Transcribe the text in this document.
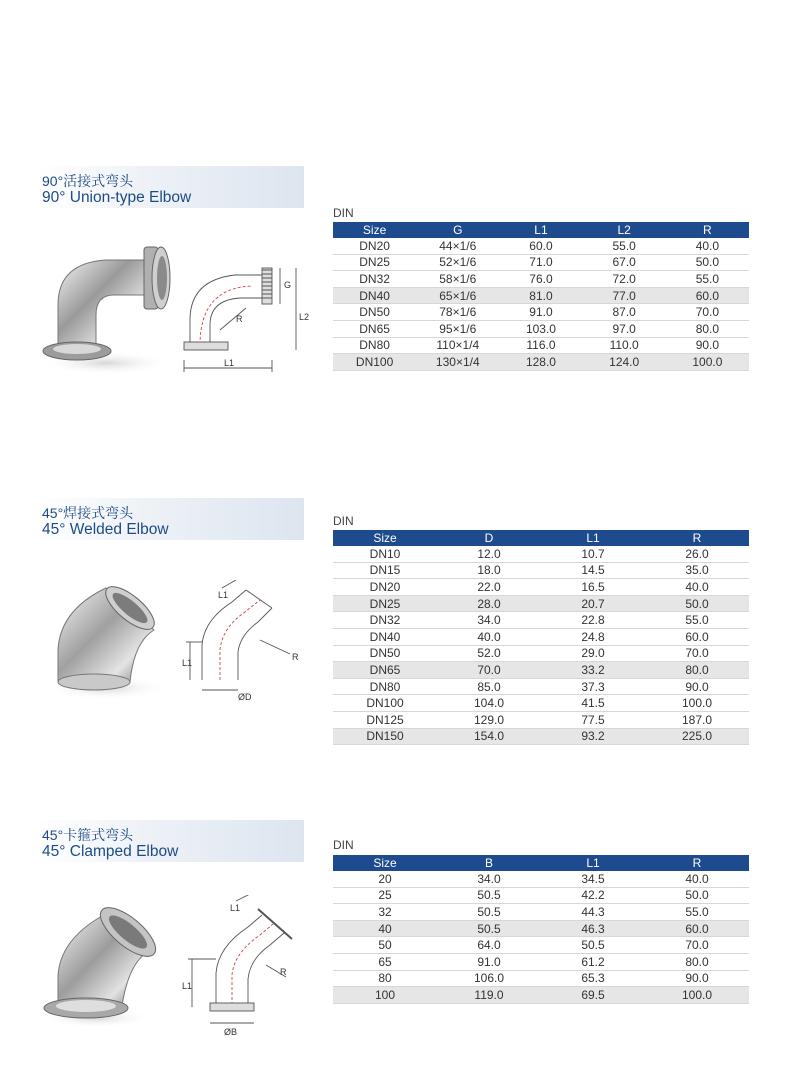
90°活接式弯头
90° Union-type Elbow
G
L2
R
L1
DIN
Size	G	L1	L2	R
DN20	44×1/6	60.0	55.0	40.0
DN25	52×1/6	71.0	67.0	50.0
DN32	58×1/6	76.0	72.0	55.0
DN40	65×1/6	81.0	77.0	60.0
DN50	78×1/6	91.0	87.0	70.0
DN65	95×1/6	103.0	97.0	80.0
DN80	110×1/4	116.0	110.0	90.0
DN100	130×1/4	128.0	124.0	100.0
45°焊接式弯头
45° Welded Elbow
L1
L1
R
ØD
DIN
Size	D	L1	R
DN10	12.0	10.7	26.0
DN15	18.0	14.5	35.0
DN20	22.0	16.5	40.0
DN25	28.0	20.7	50.0
DN32	34.0	22.8	55.0
DN40	40.0	24.8	60.0
DN50	52.0	29.0	70.0
DN65	70.0	33.2	80.0
DN80	85.0	37.3	90.0
DN100	104.0	41.5	100.0
DN125	129.0	77.5	187.0
DN150	154.0	93.2	225.0
45°卡箍式弯头
45° Clamped Elbow
L1
L1
R
ØB
DIN
Size	B	L1	R
20	34.0	34.5	40.0
25	50.5	42.2	50.0
32	50.5	44.3	55.0
40	50.5	46.3	60.0
50	64.0	50.5	70.0
65	91.0	61.2	80.0
80	106.0	65.3	90.0
100	119.0	69.5	100.0
